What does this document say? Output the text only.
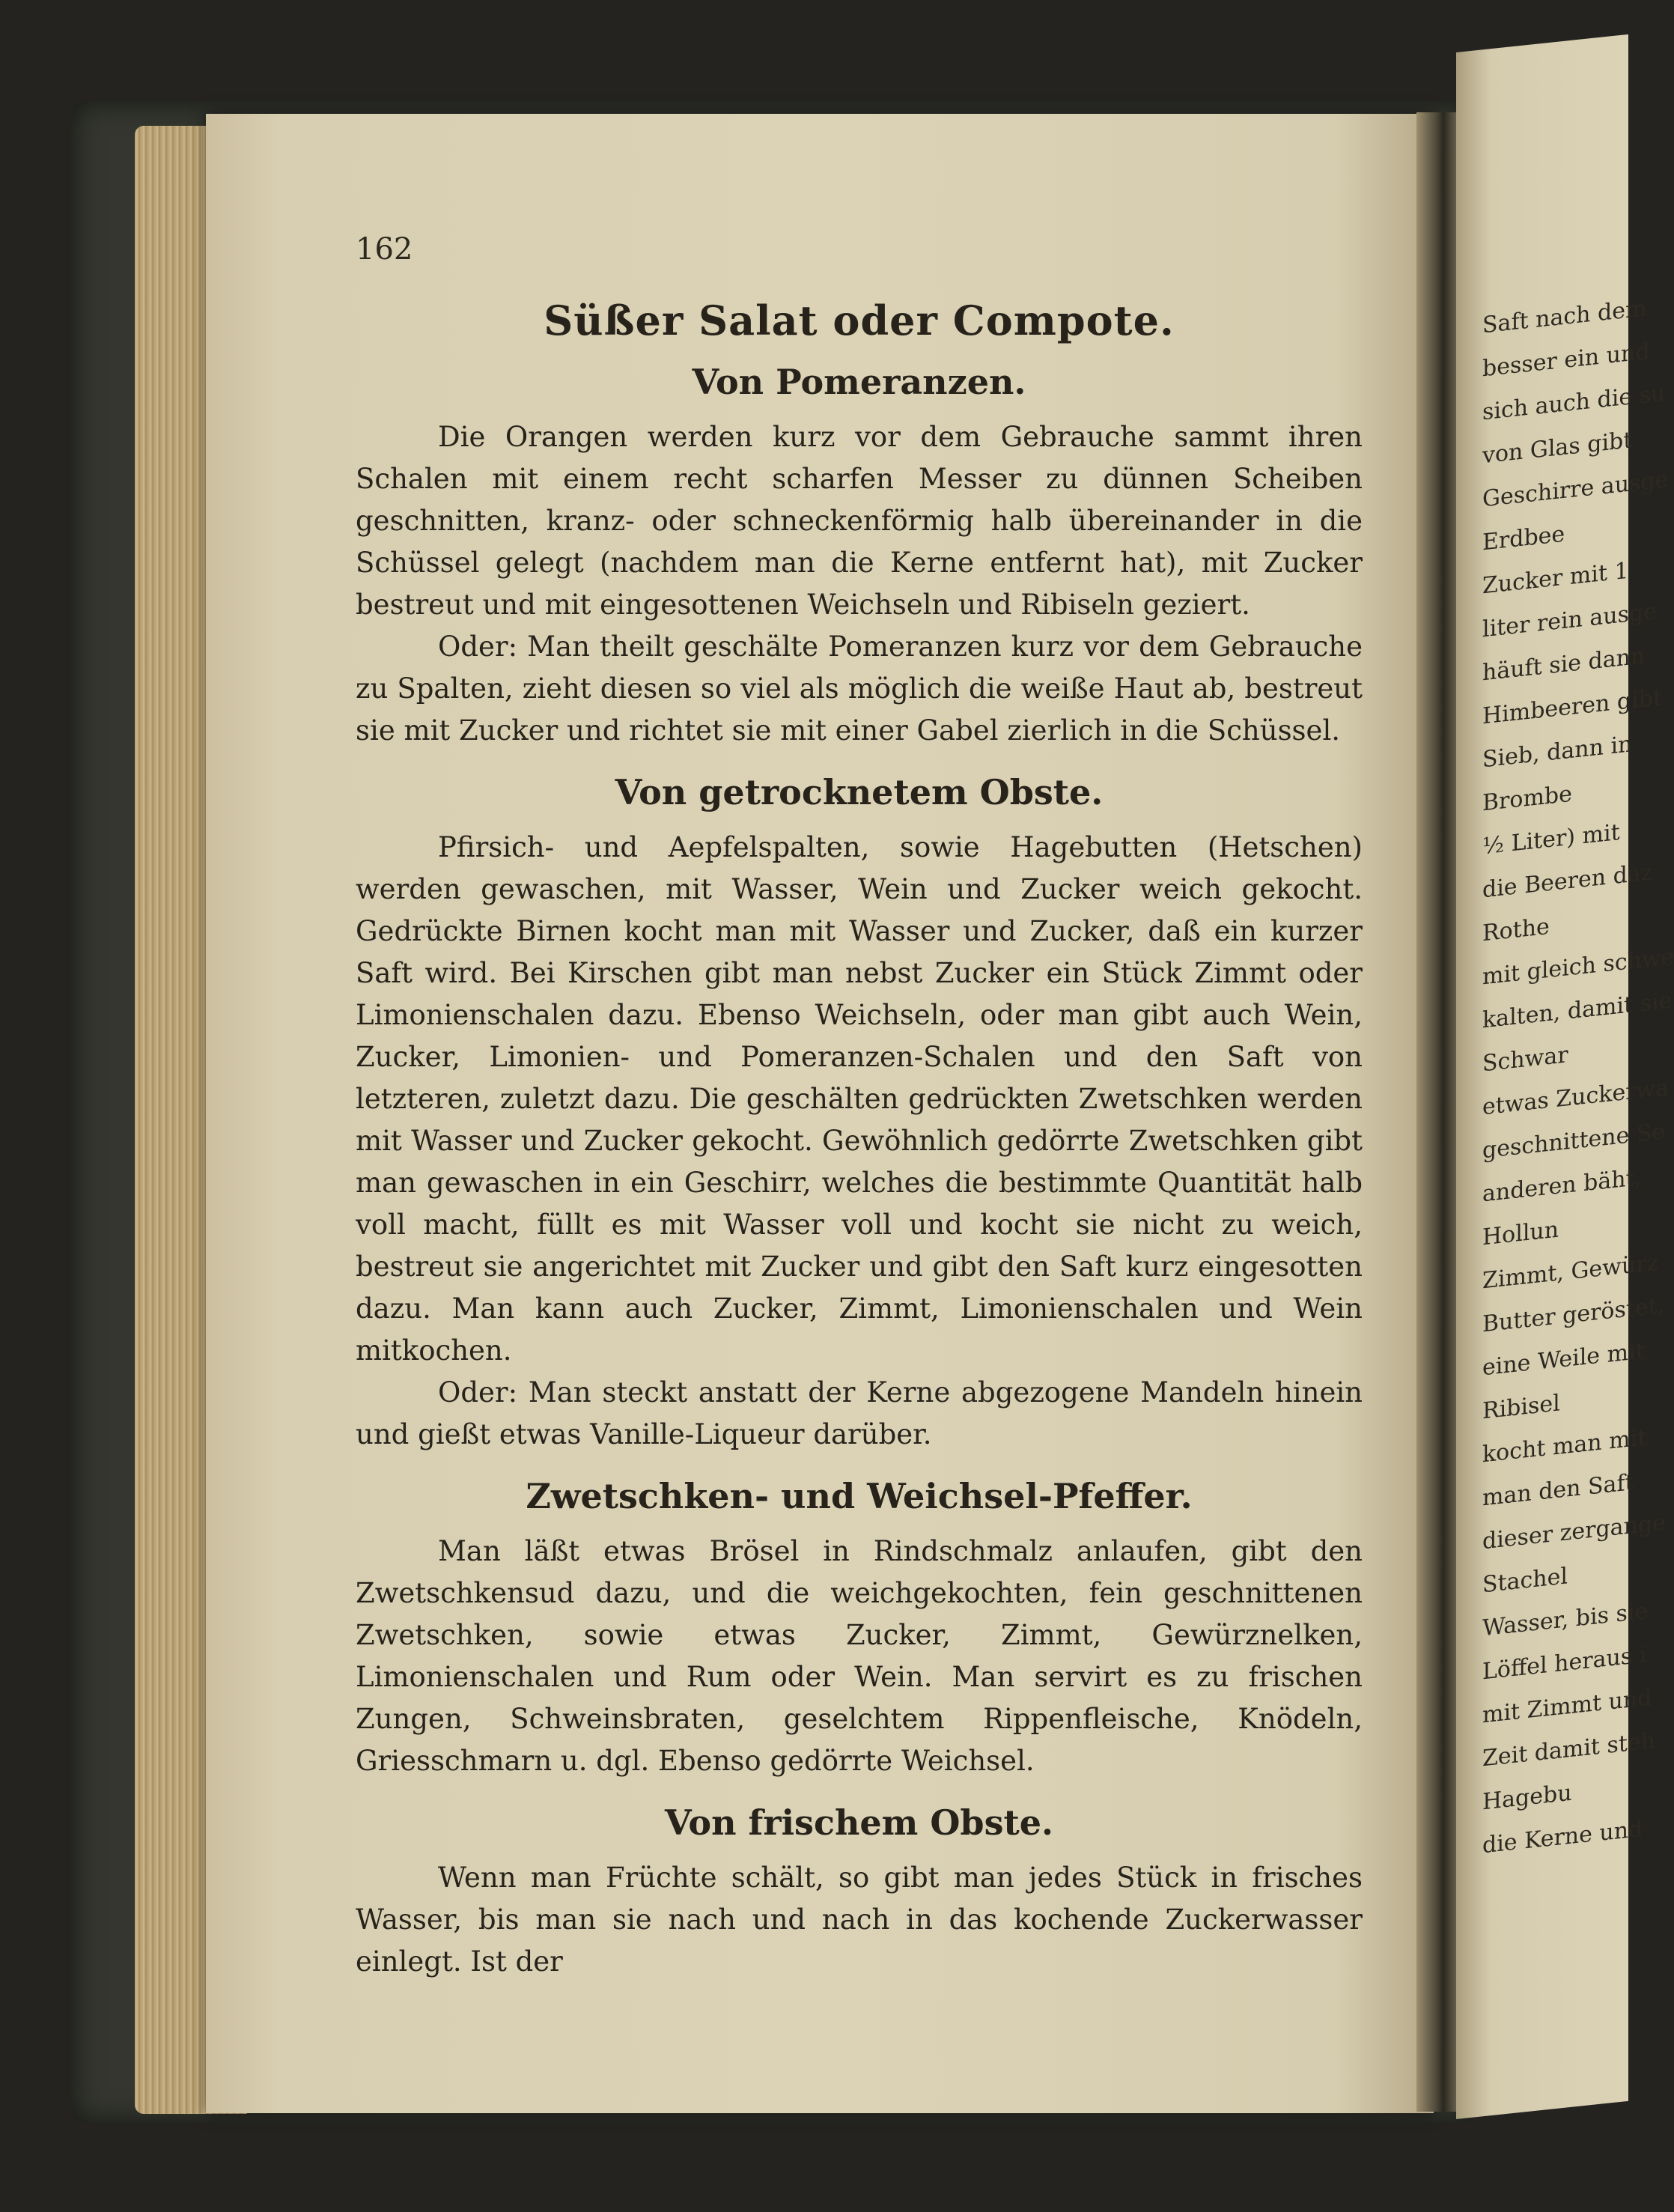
Saft nach dem
besser ein und
sich auch die su
von Glas gibt
Geschirre ausge
Erdbee
Zucker mit 1
liter rein ausge
häuft sie dann
Himbeeren gibt
Sieb, dann in
Brombe
½ Liter) mit
die Beeren daz
Rothe
mit gleich schwe
kalten, damit sie
Schwar
etwas Zuckerwa
geschnittene Se
anderen bäht,
Hollun
Zimmt, Gewürz
Butter geröstet,
eine Weile mit
Ribisel
kocht man mit
man den Saft
dieser zergange
Stachel
Wasser, bis sie
Löffel heraus i
mit Zimmt und
Zeit damit steh
Hagebu
die Kerne und
162
Süßer Salat oder Compote.
Von Pomeranzen.

Die Orangen werden kurz vor dem Gebrauche sammt ihren Schalen mit einem recht scharfen Messer zu dünnen Scheiben geschnitten, kranz- oder schneckenförmig halb übereinander in die Schüssel gelegt (nachdem man die Kerne entfernt hat), mit Zucker bestreut und mit eingesottenen Weichseln und Ribiseln geziert.

Oder: Man theilt geschälte Pomeranzen kurz vor dem Gebrauche zu Spalten, zieht diesen so viel als möglich die weiße Haut ab, bestreut sie mit Zucker und richtet sie mit einer Gabel zierlich in die Schüssel.

Von getrocknetem Obste.

Pfirsich- und Aepfelspalten, sowie Hagebutten (Hetschen) werden gewaschen, mit Wasser, Wein und Zucker weich gekocht. Gedrückte Birnen kocht man mit Wasser und Zucker, daß ein kurzer Saft wird. Bei Kirschen gibt man nebst Zucker ein Stück Zimmt oder Limonienschalen dazu. Ebenso Weichseln, oder man gibt auch Wein, Zucker, Limonien- und Pomeranzen-Schalen und den Saft von letzteren, zuletzt dazu. Die geschälten gedrückten Zwetschken werden mit Wasser und Zucker gekocht. Gewöhnlich gedörrte Zwetschken gibt man gewaschen in ein Geschirr, welches die bestimmte Quantität halb voll macht, füllt es mit Wasser voll und kocht sie nicht zu weich, bestreut sie angerichtet mit Zucker und gibt den Saft kurz eingesotten dazu. Man kann auch Zucker, Zimmt, Limonienschalen und Wein mitkochen.

Oder: Man steckt anstatt der Kerne abgezogene Mandeln hinein und gießt etwas Vanille-Liqueur darüber.

Zwetschken- und Weichsel-Pfeffer.

Man läßt etwas Brösel in Rindschmalz anlaufen, gibt den Zwetschkensud dazu, und die weichgekochten, fein geschnittenen Zwetschken, sowie etwas Zucker, Zimmt, Gewürznelken, Limonienschalen und Rum oder Wein. Man servirt es zu frischen Zungen, Schweinsbraten, geselchtem Rippenfleische, Knödeln, Griesschmarn u. dgl. Ebenso gedörrte Weichsel.

Von frischem Obste.

Wenn man Früchte schält, so gibt man jedes Stück in frisches Wasser, bis man sie nach und nach in das kochende Zuckerwasser einlegt. Ist der
